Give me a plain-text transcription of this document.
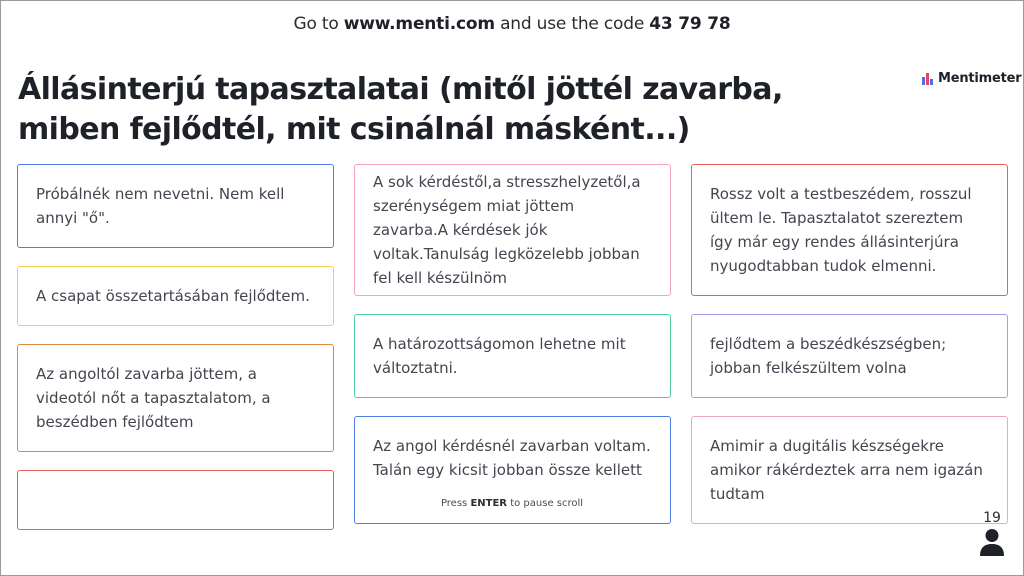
Go to www.menti.com and use the code 43 79 78
Mentimeter
Állásinterjú tapasztalatai (mitől jöttél zavarba, miben fejlődtél, mit csinálnál másként...)
Próbálnék nem nevetni. Nem kell annyi "ő".
A csapat összetartásában fejlődtem.
Az angoltól zavarba jöttem, a videotól nőt a tapasztalatom, a beszédben fejlődtem
A sok kérdéstől,a stresszhelyzetől,a szerénységem miat jöttem zavarba.A kérdések jók voltak.Tanulság legközelebb jobban fel kell készülnöm
A határozottságomon lehetne mit változtatni.
Az angol kérdésnél zavarban voltam. Talán egy kicsit jobban össze kellett
Rossz volt a testbeszédem, rosszul ültem le. Tapasztalatot szereztem így már egy rendes állásinterjúra nyugodtabban tudok elmenni.
fejlődtem a beszédkészségben; jobban felkészültem volna
Amimir a dugitális készségekre amikor rákérdeztek arra nem igazán tudtam
Press ENTER to pause scroll
19
